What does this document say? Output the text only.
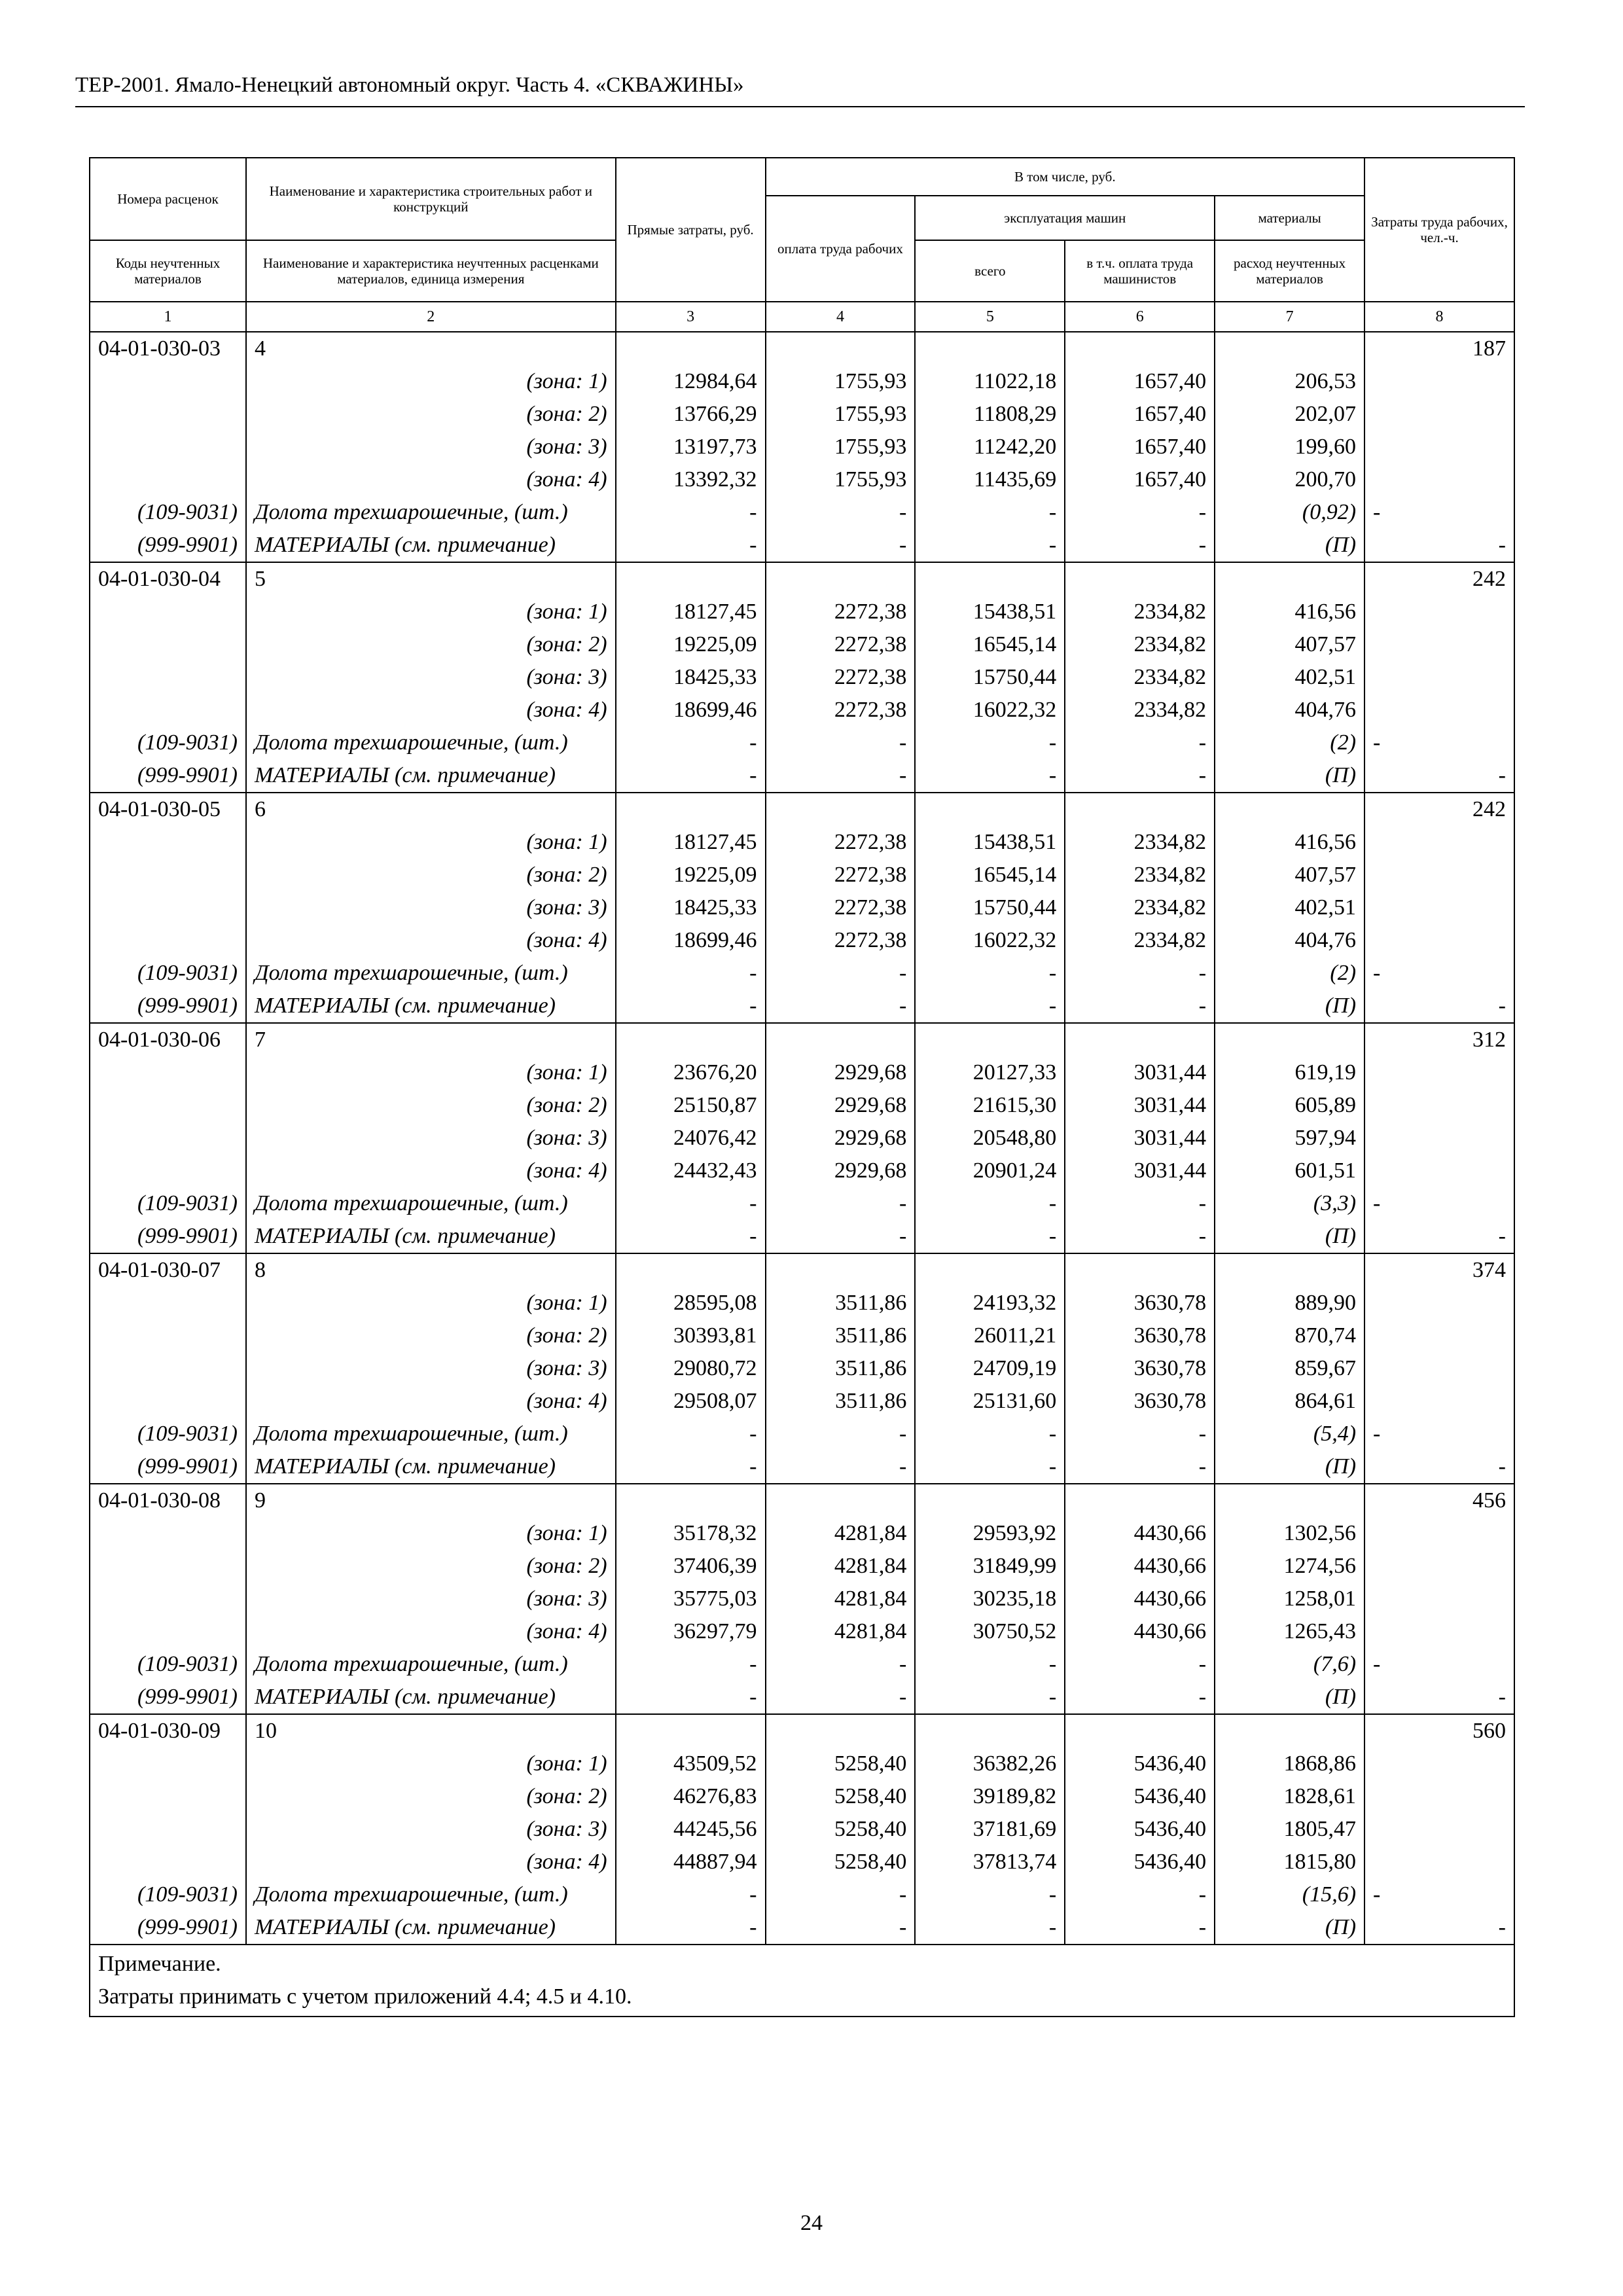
ТЕР-2001. Ямало-Ненецкий автономный округ. Часть 4. «СКВАЖИНЫ»
Номера расценок	Наименование и характеристика строительных работ и конструкций	Прямые затраты, руб.	В том числе, руб.				Затраты труда рабочих, чел.-ч.
			оплата труда рабочих	эксплуатация машин		материалы	
Коды неучтенных материалов	Наименование и характеристика неучтенных расценками материалов, единица измерения			всего	в т.ч. оплата труда машинистов	расход неучтенных материалов	
1	2	3	4	5	6	7	8
04-01-030-03	4						187
	(зона: 1)	12984,64	1755,93	11022,18	1657,40	206,53	
	(зона: 2)	13766,29	1755,93	11808,29	1657,40	202,07	
	(зона: 3)	13197,73	1755,93	11242,20	1657,40	199,60	
	(зона: 4)	13392,32	1755,93	11435,69	1657,40	200,70	
(109-9031)	Долота трехшарошечные, (шт.)	-	-	-	-	(0,92)	-
(999-9901)	МАТЕРИАЛЫ (см. примечание)	-	-	-	-	(П)	-
04-01-030-04	5						242
	(зона: 1)	18127,45	2272,38	15438,51	2334,82	416,56	
	(зона: 2)	19225,09	2272,38	16545,14	2334,82	407,57	
	(зона: 3)	18425,33	2272,38	15750,44	2334,82	402,51	
	(зона: 4)	18699,46	2272,38	16022,32	2334,82	404,76	
(109-9031)	Долота трехшарошечные, (шт.)	-	-	-	-	(2)	-
(999-9901)	МАТЕРИАЛЫ (см. примечание)	-	-	-	-	(П)	-
04-01-030-05	6						242
	(зона: 1)	18127,45	2272,38	15438,51	2334,82	416,56	
	(зона: 2)	19225,09	2272,38	16545,14	2334,82	407,57	
	(зона: 3)	18425,33	2272,38	15750,44	2334,82	402,51	
	(зона: 4)	18699,46	2272,38	16022,32	2334,82	404,76	
(109-9031)	Долота трехшарошечные, (шт.)	-	-	-	-	(2)	-
(999-9901)	МАТЕРИАЛЫ (см. примечание)	-	-	-	-	(П)	-
04-01-030-06	7						312
	(зона: 1)	23676,20	2929,68	20127,33	3031,44	619,19	
	(зона: 2)	25150,87	2929,68	21615,30	3031,44	605,89	
	(зона: 3)	24076,42	2929,68	20548,80	3031,44	597,94	
	(зона: 4)	24432,43	2929,68	20901,24	3031,44	601,51	
(109-9031)	Долота трехшарошечные, (шт.)	-	-	-	-	(3,3)	-
(999-9901)	МАТЕРИАЛЫ (см. примечание)	-	-	-	-	(П)	-
04-01-030-07	8						374
	(зона: 1)	28595,08	3511,86	24193,32	3630,78	889,90	
	(зона: 2)	30393,81	3511,86	26011,21	3630,78	870,74	
	(зона: 3)	29080,72	3511,86	24709,19	3630,78	859,67	
	(зона: 4)	29508,07	3511,86	25131,60	3630,78	864,61	
(109-9031)	Долота трехшарошечные, (шт.)	-	-	-	-	(5,4)	-
(999-9901)	МАТЕРИАЛЫ (см. примечание)	-	-	-	-	(П)	-
04-01-030-08	9						456
	(зона: 1)	35178,32	4281,84	29593,92	4430,66	1302,56	
	(зона: 2)	37406,39	4281,84	31849,99	4430,66	1274,56	
	(зона: 3)	35775,03	4281,84	30235,18	4430,66	1258,01	
	(зона: 4)	36297,79	4281,84	30750,52	4430,66	1265,43	
(109-9031)	Долота трехшарошечные, (шт.)	-	-	-	-	(7,6)	-
(999-9901)	МАТЕРИАЛЫ (см. примечание)	-	-	-	-	(П)	-
04-01-030-09	10						560
	(зона: 1)	43509,52	5258,40	36382,26	5436,40	1868,86	
	(зона: 2)	46276,83	5258,40	39189,82	5436,40	1828,61	
	(зона: 3)	44245,56	5258,40	37181,69	5436,40	1805,47	
	(зона: 4)	44887,94	5258,40	37813,74	5436,40	1815,80	
(109-9031)	Долота трехшарошечные, (шт.)	-	-	-	-	(15,6)	-
(999-9901)	МАТЕРИАЛЫ (см. примечание)	-	-	-	-	(П)	-

Примечание.
Затраты принимать с учетом приложений 4.4; 4.5 и 4.10.							
24
